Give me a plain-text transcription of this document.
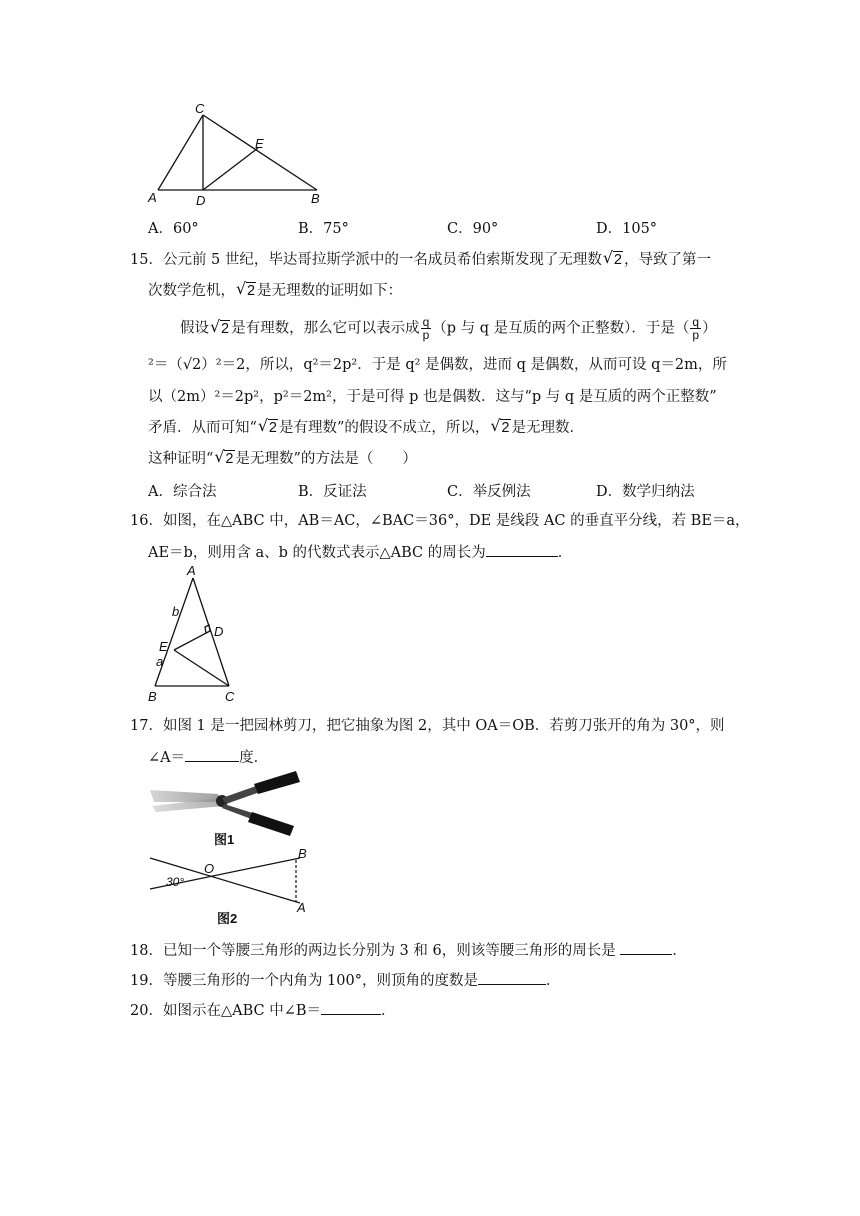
C
E
A	D	B
A．60°	B．75°	C．90°	D．105°
15．公元前 5 世纪，毕达哥拉斯学派中的一名成员希伯索斯发现了无理数 √ 2 ，导致了第一
次数学危机， √ 2 是无理数的证明如下：
假设 √ 2 是有理数，那么它可以表示成 $\frac{q}{p} (p$ 与 q 是互质的两个正整数）．于是（ $\frac{q}{p}$ ）
²＝（√2）²＝2，所以，q²＝2p²．于是 q² 是偶数，进而 q 是偶数，从而可设 q＝2m，所
以（2m）²＝2p²，p²＝2m²，于是可得 p 也是偶数．这与“p 与 q 是互质的两个正整数”
矛盾．从而可知“ √ 2 是有理数”的假设不成立，所以， √ 2 是无理数．
这种证明“ √ 2 是无理数”的方法是（　　）
A．综合法	B．反证法	C．举反例法	D．数学归纳法
16．如图，在△ABC 中，AB＝AC，∠BAC＝36°，DE 是线段 AC 的垂直平分线，若 BE＝a，
AE＝b，则用含 a、b 的代数式表示△ABC 的周长为	．
A
b
D
E
a
B	C
17．如图 1 是一把园林剪刀，把它抽象为图 2，其中 OA＝OB．若剪刀张开的角为 30°，则
∠A＝	度．
图1
B
O
A
30°
图2
18．已知一个等腰三角形的两边长分别为 3 和 6，则该等腰三角形的周长是	．
19．等腰三角形的一个内角为 100°，则顶角的度数是	．
20．如图示在△ABC 中∠B＝	．
